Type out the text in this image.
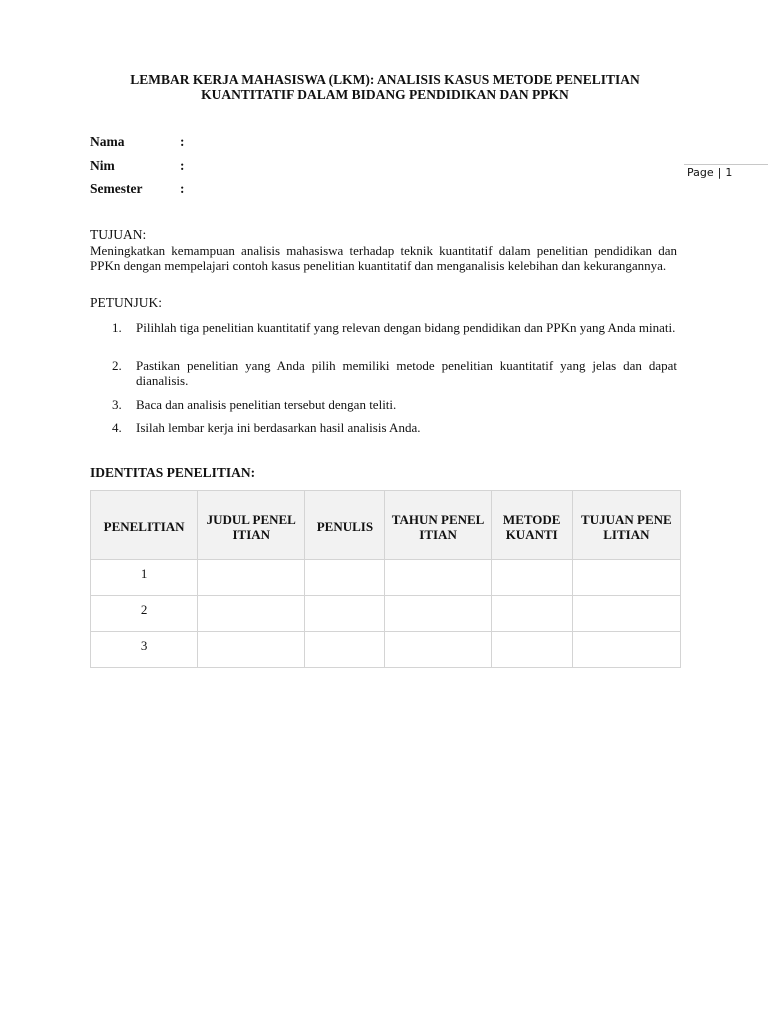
LEMBAR KERJA MAHASISWA (LKM): ANALISIS KASUS METODE PENELITIAN
KUANTITATIF DALAM BIDANG PENDIDIKAN DAN PPKN
Nama	:
Nim	:
Semester	:
Page | 1
TUJUAN:
Meningkatkan kemampuan analisis mahasiswa terhadap teknik kuantitatif dalam penelitian pendidikan dan PPKn dengan mempelajari contoh kasus penelitian kuantitatif dan menganalisis kelebihan dan kekurangannya.
PETUNJUK:
1.	Pilihlah tiga penelitian kuantitatif yang relevan dengan bidang pendidikan dan PPKn yang Anda minati.
2.	Pastikan penelitian yang Anda pilih memiliki metode penelitian kuantitatif yang jelas dan dapat dianalisis.
3.	Baca dan analisis penelitian tersebut dengan teliti.
4.	Isilah lembar kerja ini berdasarkan hasil analisis Anda.
IDENTITAS PENELITIAN:
PENELITIAN	JUDUL PENELITIAN	PENULIS	TAHUN PENELITIAN	METODE KUANTI	TUJUAN PENELITIAN
1					
2					
3					
